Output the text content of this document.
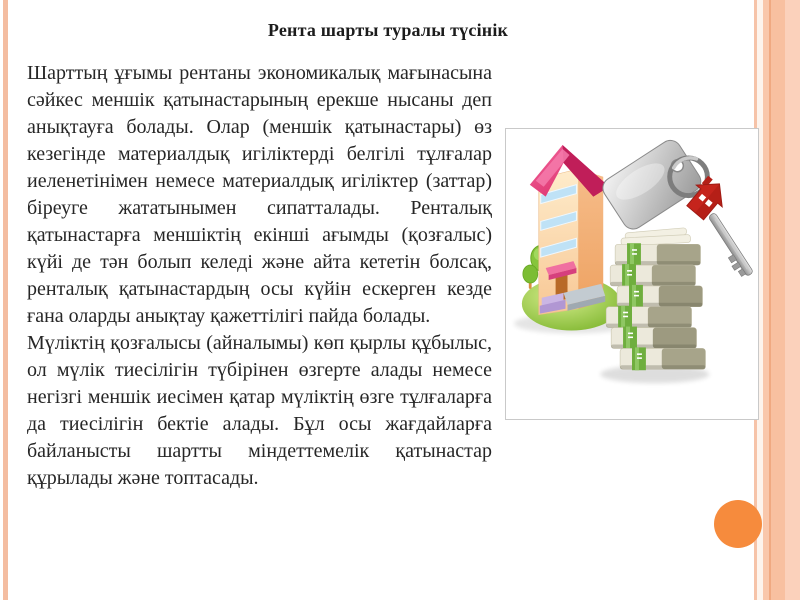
Рента шарты туралы түсінік

Шарттың ұғымы рентаны экономикалық мағынасына сәйкес меншік қатынастарының ерекше нысаны деп анықтауға болады. Олар (меншік қатынастары) өз кезегінде материалдық игіліктерді белгілі тұлғалар иеленетінімен немесе материалдық игіліктер (заттар) біреуге жататынымен сипатталады. Ренталық қатынастарға меншіктің екінші ағымды (қозғалыс) күйі де тән болып келеді және айта кететін болсақ, ренталық қатынастардың осы күйін ескерген кезде ғана оларды анықтау қажеттілігі пайда болады.

Мүліктің қозғалысы (айналымы) көп қырлы құбылыс, ол мүлік тиесілігін түбірінен өзгерте алады немесе негізгі меншік иесімен қатар мүліктің өзге тұлғаларға да тиесілігін бектіе алады. Бұл осы жағдайларға байланысты шартты міндеттемелік қатынастар құрылады және топтасады.
